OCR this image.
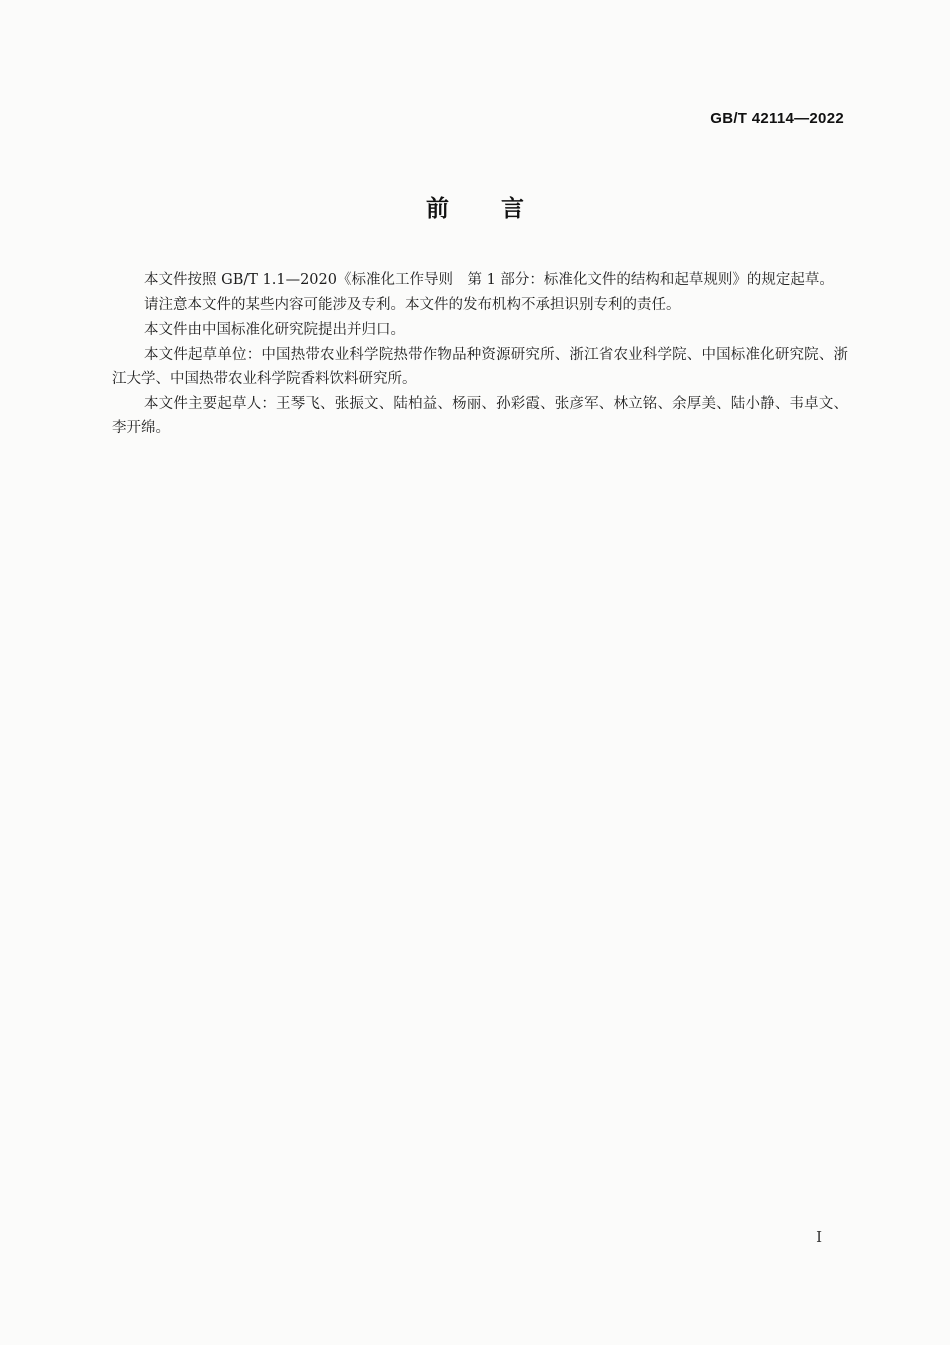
GB/T 42114—2022
前 言

本文件按照 GB/T 1.1—2020《标准化工作导则　第 1 部分：标准化文件的结构和起草规则》的规定起草。

请注意本文件的某些内容可能涉及专利。本文件的发布机构不承担识别专利的责任。

本文件由中国标准化研究院提出并归口。

本文件起草单位：中国热带农业科学院热带作物品种资源研究所、浙江省农业科学院、中国标准化研究院、浙江大学、中国热带农业科学院香料饮料研究所。

本文件主要起草人：王琴飞、张振文、陆柏益、杨丽、孙彩霞、张彦军、林立铭、余厚美、陆小静、韦卓文、李开绵。

I
